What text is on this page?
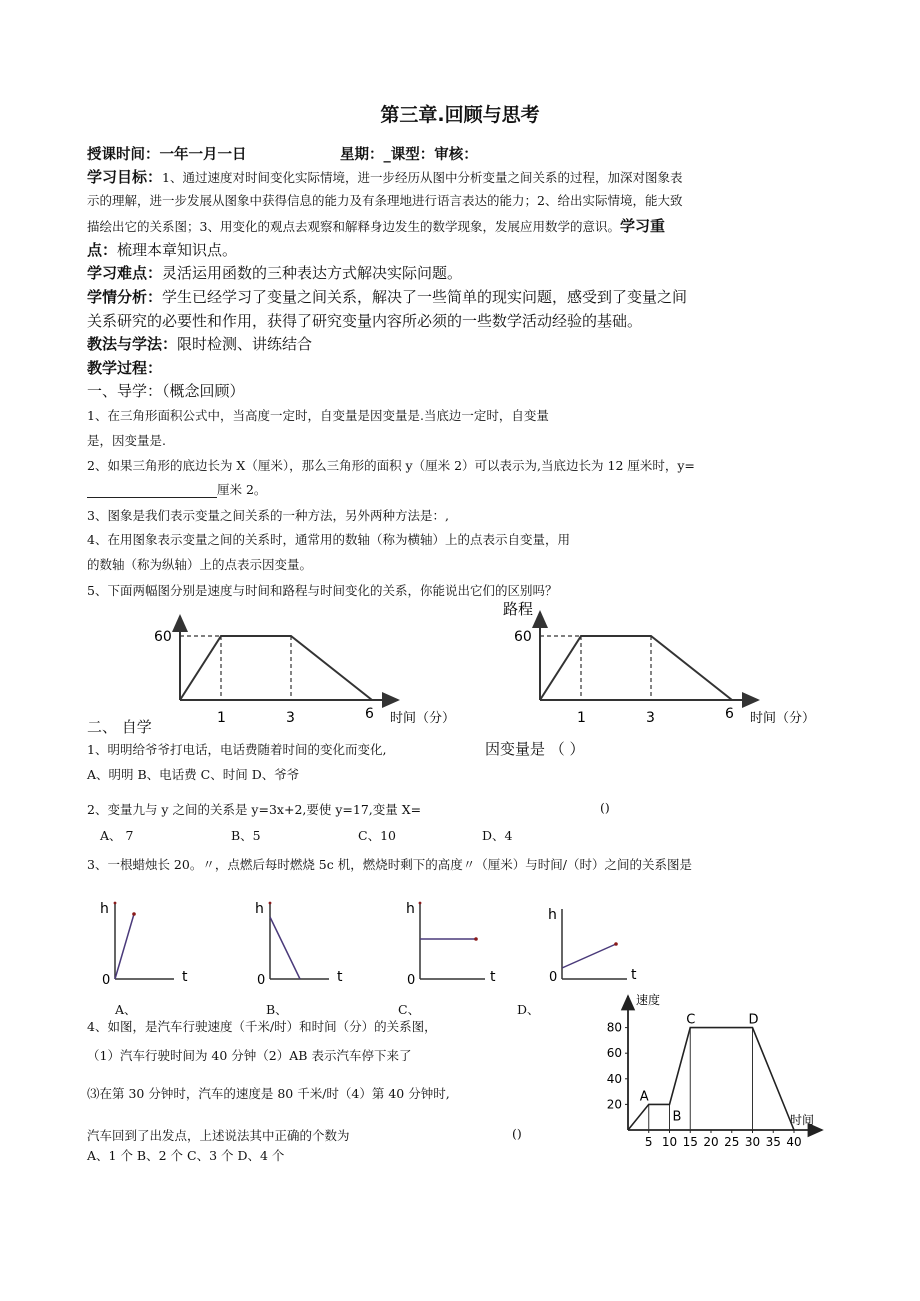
第三章.回顾与思考
授课时间：一年一月一日	星期：_课型：审核：
学习目标：1、通过速度对时间变化实际情境，进一步经历从图中分析变量之间关系的过程，加深对图象表
示的理解，进一步发展从图象中获得信息的能力及有条理地进行语言表达的能力；2、给出实际情境，能大致
描绘出它的关系图；3、用变化的观点去观察和解释身边发生的数学现象，发展应用数学的意识。学习重
点：梳理本章知识点。
学习难点：灵活运用函数的三种表达方式解决实际问题。
学情分析：学生已经学习了变量之间关系，解决了一些简单的现实问题，感受到了变量之间
关系研究的必要性和作用，获得了研究变量内容所必须的一些数学活动经验的基础。
教法与学法：限时检测、讲练结合
教学过程：
一、导学：（概念回顾）
1、在三角形面积公式中，当高度一定时，自变量是因变量是.当底边一定时，自变量
是，因变量是.
2、如果三角形的底边长为 X（厘米），那么三角形的面积 y（厘米 2）可以表示为,当底边长为 12 厘米时，y=
厘米 2。
3、图象是我们表示变量之间关系的一种方法，另外两种方法是：,
4、在用图象表示变量之间的关系时，通常用的数轴（称为横轴）上的点表示自变量，用
的数轴（称为纵轴）上的点表示因变量。
5、下面两幅图分别是速度与时间和路程与时间变化的关系，你能说出它们的区别吗？
60
1	3	6 时间（分）
路程
60
1	3	6 时间（分）
二、 自学
1、明明给爷爷打电话，电话费随着时间的变化而变化,	因变量是 （ ）
A、明明 B、电话费 C、时间 D、爷爷
2、变量九与 y 之间的关系是 y=3x+2,要使 y=17,变量 X=	()
A、 7	B、5	C、10	D、4
3、一根蜡烛长 20。〃，点燃后每时燃烧 5c 机，燃烧时剩下的高度〃（厘米）与时间/（时）之间的关系图是
h
t
0
h
t
0
h
t
0
h
t
0
A、	B、	C、	D、
4、如图，是汽车行驶速度（千米/时）和时间（分）的关系图，
（1）汽车行驶时间为 40 分钟（2）AB 表示汽车停下来了
⑶在第 30 分钟时，汽车的速度是 80 千米/时（4）第 40 分钟时,
汽车回到了出发点，上述说法其中正确的个数为	()
A、1 个 B、2 个 C、3 个 D、4 个
速度
时间
20
40
60
80
5 10 15 20 25 30 35 40
A
B
C	D
